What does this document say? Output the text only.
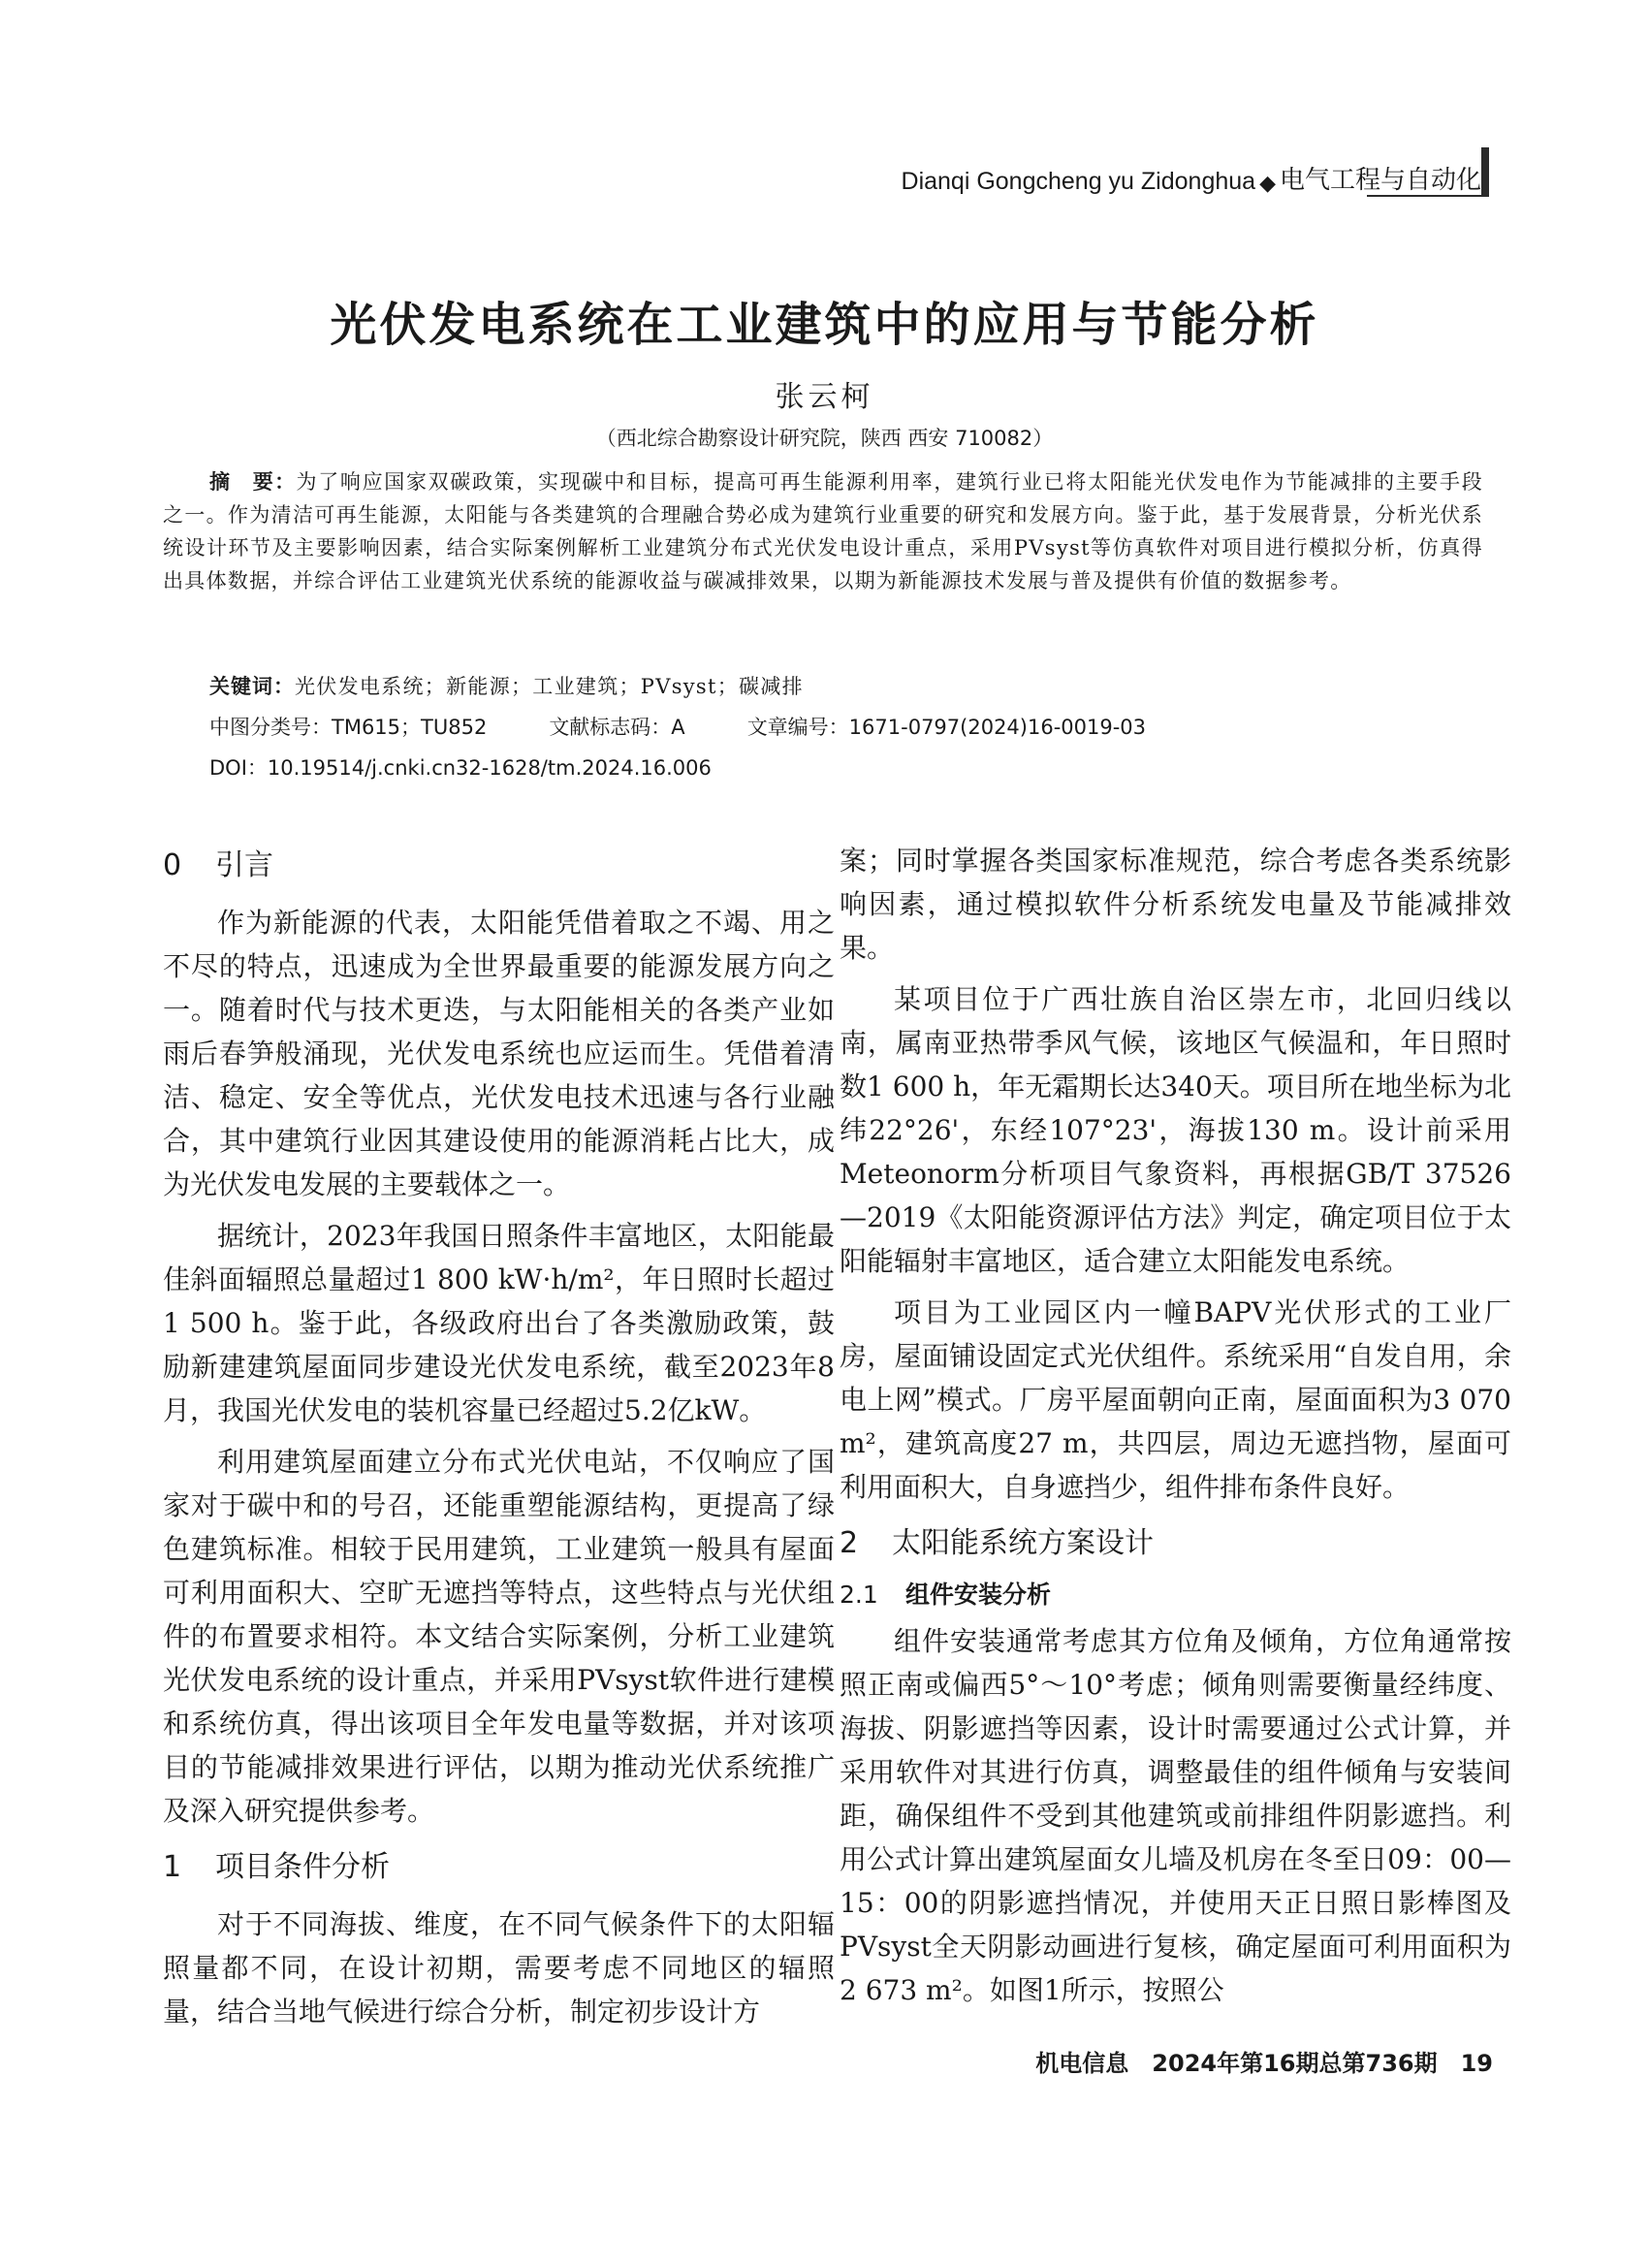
Dianqi Gongcheng yu Zidonghua ◆ 电气工程与自动化
光伏发电系统在工业建筑中的应用与节能分析
张云柯
（西北综合勘察设计研究院，陕西 西安 710082）
摘　要：为了响应国家双碳政策，实现碳中和目标，提高可再生能源利用率，建筑行业已将太阳能光伏发电作为节能减排的主要手段之一。作为清洁可再生能源，太阳能与各类建筑的合理融合势必成为建筑行业重要的研究和发展方向。鉴于此，基于发展背景，分析光伏系统设计环节及主要影响因素，结合实际案例解析工业建筑分布式光伏发电设计重点，采用PVsyst等仿真软件对项目进行模拟分析，仿真得出具体数据，并综合评估工业建筑光伏系统的能源收益与碳减排效果，以期为新能源技术发展与普及提供有价值的数据参考。
关键词：光伏发电系统；新能源；工业建筑；PVsyst；碳减排
中图分类号：TM615；TU852	文献标志码：A	文章编号：1671-0797(2024)16-0019-03
DOI：10.19514/j.cnki.cn32-1628/tm.2024.16.006
0 引言

作为新能源的代表，太阳能凭借着取之不竭、用之不尽的特点，迅速成为全世界最重要的能源发展方向之一。随着时代与技术更迭，与太阳能相关的各类产业如雨后春笋般涌现，光伏发电系统也应运而生。凭借着清洁、稳定、安全等优点，光伏发电技术迅速与各行业融合，其中建筑行业因其建设使用的能源消耗占比大，成为光伏发电发展的主要载体之一。

据统计，2023年我国日照条件丰富地区，太阳能最佳斜面辐照总量超过1 800 kW·h/m²，年日照时长超过1 500 h。鉴于此，各级政府出台了各类激励政策，鼓励新建建筑屋面同步建设光伏发电系统，截至2023年8月，我国光伏发电的装机容量已经超过5.2亿kW。

利用建筑屋面建立分布式光伏电站，不仅响应了国家对于碳中和的号召，还能重塑能源结构，更提高了绿色建筑标准。相较于民用建筑，工业建筑一般具有屋面可利用面积大、空旷无遮挡等特点，这些特点与光伏组件的布置要求相符。本文结合实际案例，分析工业建筑光伏发电系统的设计重点，并采用PVsyst软件进行建模和系统仿真，得出该项目全年发电量等数据，并对该项目的节能减排效果进行评估，以期为推动光伏系统推广及深入研究提供参考。

1 项目条件分析

对于不同海拔、维度，在不同气候条件下的太阳辐照量都不同，在设计初期，需要考虑不同地区的辐照量，结合当地气候进行综合分析，制定初步设计方

案；同时掌握各类国家标准规范，综合考虑各类系统影响因素，通过模拟软件分析系统发电量及节能减排效果。

某项目位于广西壮族自治区崇左市，北回归线以南，属南亚热带季风气候，该地区气候温和，年日照时数1 600 h，年无霜期长达340天。项目所在地坐标为北纬22°26'，东经107°23'，海拔130 m。设计前采用Meteonorm分析项目气象资料，再根据GB/T 37526—2019《太阳能资源评估方法》判定，确定项目位于太阳能辐射丰富地区，适合建立太阳能发电系统。

项目为工业园区内一幢BAPV光伏形式的工业厂房，屋面铺设固定式光伏组件。系统采用“自发自用，余电上网”模式。厂房平屋面朝向正南，屋面面积为3 070 m²，建筑高度27 m，共四层，周边无遮挡物，屋面可利用面积大，自身遮挡少，组件排布条件良好。

2 太阳能系统方案设计
2.1 组件安装分析

组件安装通常考虑其方位角及倾角，方位角通常按照正南或偏西5°～10°考虑；倾角则需要衡量经纬度、海拔、阴影遮挡等因素，设计时需要通过公式计算，并采用软件对其进行仿真，调整最佳的组件倾角与安装间距，确保组件不受到其他建筑或前排组件阴影遮挡。利用公式计算出建筑屋面女儿墙及机房在冬至日09：00—15：00的阴影遮挡情况，并使用天正日照日影棒图及PVsyst全天阴影动画进行复核，确定屋面可利用面积为2 673 m²。如图1所示，按照公

机电信息　2024年第16期总第736期　19
